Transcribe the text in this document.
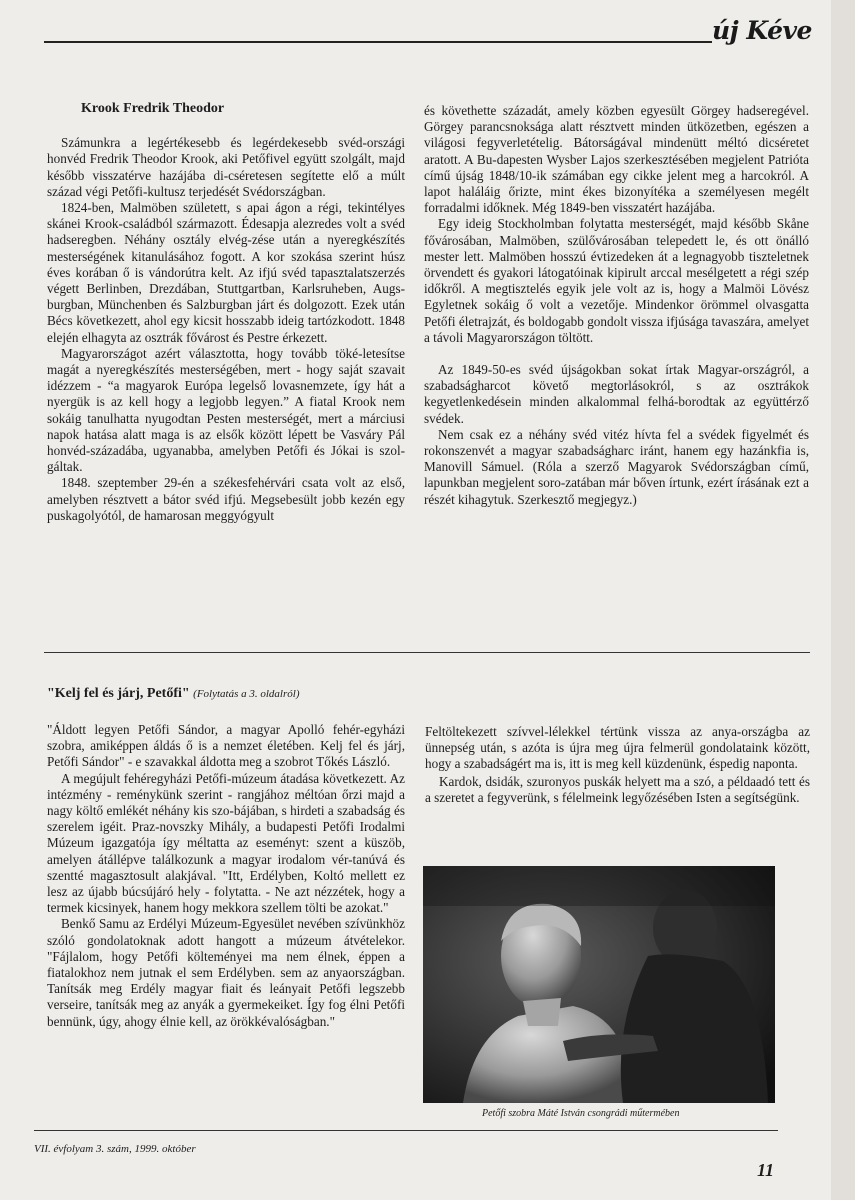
új Kéve
Krook Fredrik Theodor

Számunkra a legértékesebb és legérdekesebb svéd-országi honvéd Fredrik Theodor Krook, aki Petőfivel együtt szolgált, majd később visszatérve hazájába di-cséretesen segítette elő a múlt század végi Petőfi-kultusz terjedését Svédországban.

1824-ben, Malmöben született, s apai ágon a régi, tekintélyes skánei Krook-családból származott. Édesapja alezredes volt a svéd hadseregben. Néhány osztály elvég-zése után a nyeregkészítés mesterségének kitanulásához fogott. A kor szokása szerint húsz éves korában ő is vándorútra kelt. Az ifjú svéd tapasztalatszerzés végett Berlinben, Drezdában, Stuttgartban, Karlsruheben, Augs-burgban, Münchenben és Salzburgban járt és dolgozott. Ezek után Bécs következett, ahol egy kicsit hosszabb ideig tartózkodott. 1848 elején elhagyta az osztrák fővárost és Pestre érkezett.

Magyarországot azért választotta, hogy tovább töké-letesítse magát a nyeregkészítés mesterségében, mert - hogy saját szavait idézzem - “a magyarok Európa legelső lovasnemzete, így hát a nyergük is az kell hogy a legjobb legyen.” A fiatal Krook nem sokáig tanulhatta nyugodtan Pesten mesterségét, mert a márciusi napok hatása alatt maga is az elsők között lépett be Vasváry Pál honvéd-századába, ugyanabba, amelyben Petőfi és Jókai is szol-gáltak.

1848. szeptember 29-én a székesfehérvári csata volt az első, amelyben résztvett a bátor svéd ifjú. Megsebesült jobb kezén egy puskagolyótól, de hamarosan meggyógyult

és követhette századát, amely közben egyesült Görgey hadseregével. Görgey parancsnoksága alatt résztvett minden ütközetben, egészen a világosi fegyverletételig. Bátorságával mindenütt méltó dicséretet aratott. A Bu-dapesten Wysber Lajos szerkesztésében megjelent Patrióta című újság 1848/10-ik számában egy cikke jelent meg a harcokról. A lapot haláláig őrizte, mint ékes bizonyítéka a személyesen megélt forradalmi időknek. Még 1849-ben visszatért hazájába.

Egy ideig Stockholmban folytatta mesterségét, majd később Skåne fővárosában, Malmöben, szülővárosában telepedett le, és ott önálló mester lett. Malmöben hosszú évtizedeken át a legnagyobb tiszteletnek örvendett és gyakori látogatóinak kipirult arccal mesélgetett a régi szép időkről. A megtisztelés egyik jele volt az is, hogy a Malmöi Lövész Egyletnek sokáig ő volt a vezetője. Mindenkor örömmel olvasgatta Petőfi életrajzát, és boldogabb gondolt vissza ifjúsága tavaszára, amelyet a távoli Magyarországon töltött.

Az 1849-50-es svéd újságokban sokat írtak Magyar-országról, a szabadságharcot követő megtorlásokról, s az osztrákok kegyetlenkedésein minden alkalommal felhá-borodtak az együttérző svédek.

Nem csak ez a néhány svéd vitéz hívta fel a svédek figyelmét és rokonszenvét a magyar szabadságharc iránt, hanem egy hazánkfia is, Manovill Sámuel. (Róla a szerző Magyarok Svédországban című, lapunkban megjelent soro-zatában már bőven írtunk, ezért írásának ezt a részét kihagytuk. Szerkesztő megjegyz.)

"Kelj fel és járj, Petőfi" (Folytatás a 3. oldalról)

"Áldott legyen Petőfi Sándor, a magyar Apolló fehér-egyházi szobra, amiképpen áldás ő is a nemzet életében. Kelj fel és járj, Petőfi Sándor" - e szavakkal áldotta meg a szobrot Tőkés László.

A megújult fehéregyházi Petőfi-múzeum átadása következett. Az intézmény - reménykünk szerint - rangjához méltóan őrzi majd a nagy költő emlékét néhány kis szo-bájában, s hirdeti a szabadság és szerelem igéit. Praz-novszky Mihály, a budapesti Petőfi Irodalmi Múzeum igazgatója így méltatta az eseményt: szent a küszöb, amelyen átállépve találkozunk a magyar irodalom vér-tanúvá és szentté magasztosult alakjával. "Itt, Erdélyben, Koltó mellett ez lesz az újabb búcsújáró hely - folytatta. - Ne azt nézzétek, hogy a termek kicsinyek, hanem hogy mekkora szellem tölti be azokat."

Benkő Samu az Erdélyi Múzeum-Egyesület nevében szívünkhöz szóló gondolatoknak adott hangott a múzeum átvételekor. "Fájlalom, hogy Petőfi költeményei ma nem élnek, éppen a fiatalokhoz nem jutnak el sem Erdélyben. sem az anyaországban. Tanítsák meg Erdély magyar fiait és leányait Petőfi legszebb verseire, tanítsák meg az anyák a gyermekeiket. Így fog élni Petőfi bennünk, úgy, ahogy élnie kell, az örökkévalóságban."

Feltöltekezett szívvel-lélekkel tértünk vissza az anya-országba az ünnepség után, s azóta is újra meg újra felmerül gondolataink között, hogy a szabadságért ma is, itt is meg kell küzdenünk, éspedig naponta.

Kardok, dsidák, szuronyos puskák helyett ma a szó, a példaadó tett és a szeretet a fegyverünk, s félelmeink legyőzésében Isten a segítségünk.

Petőfi szobra Máté István csongrádi műtermében
VII. évfolyam 3. szám, 1999. október
11
